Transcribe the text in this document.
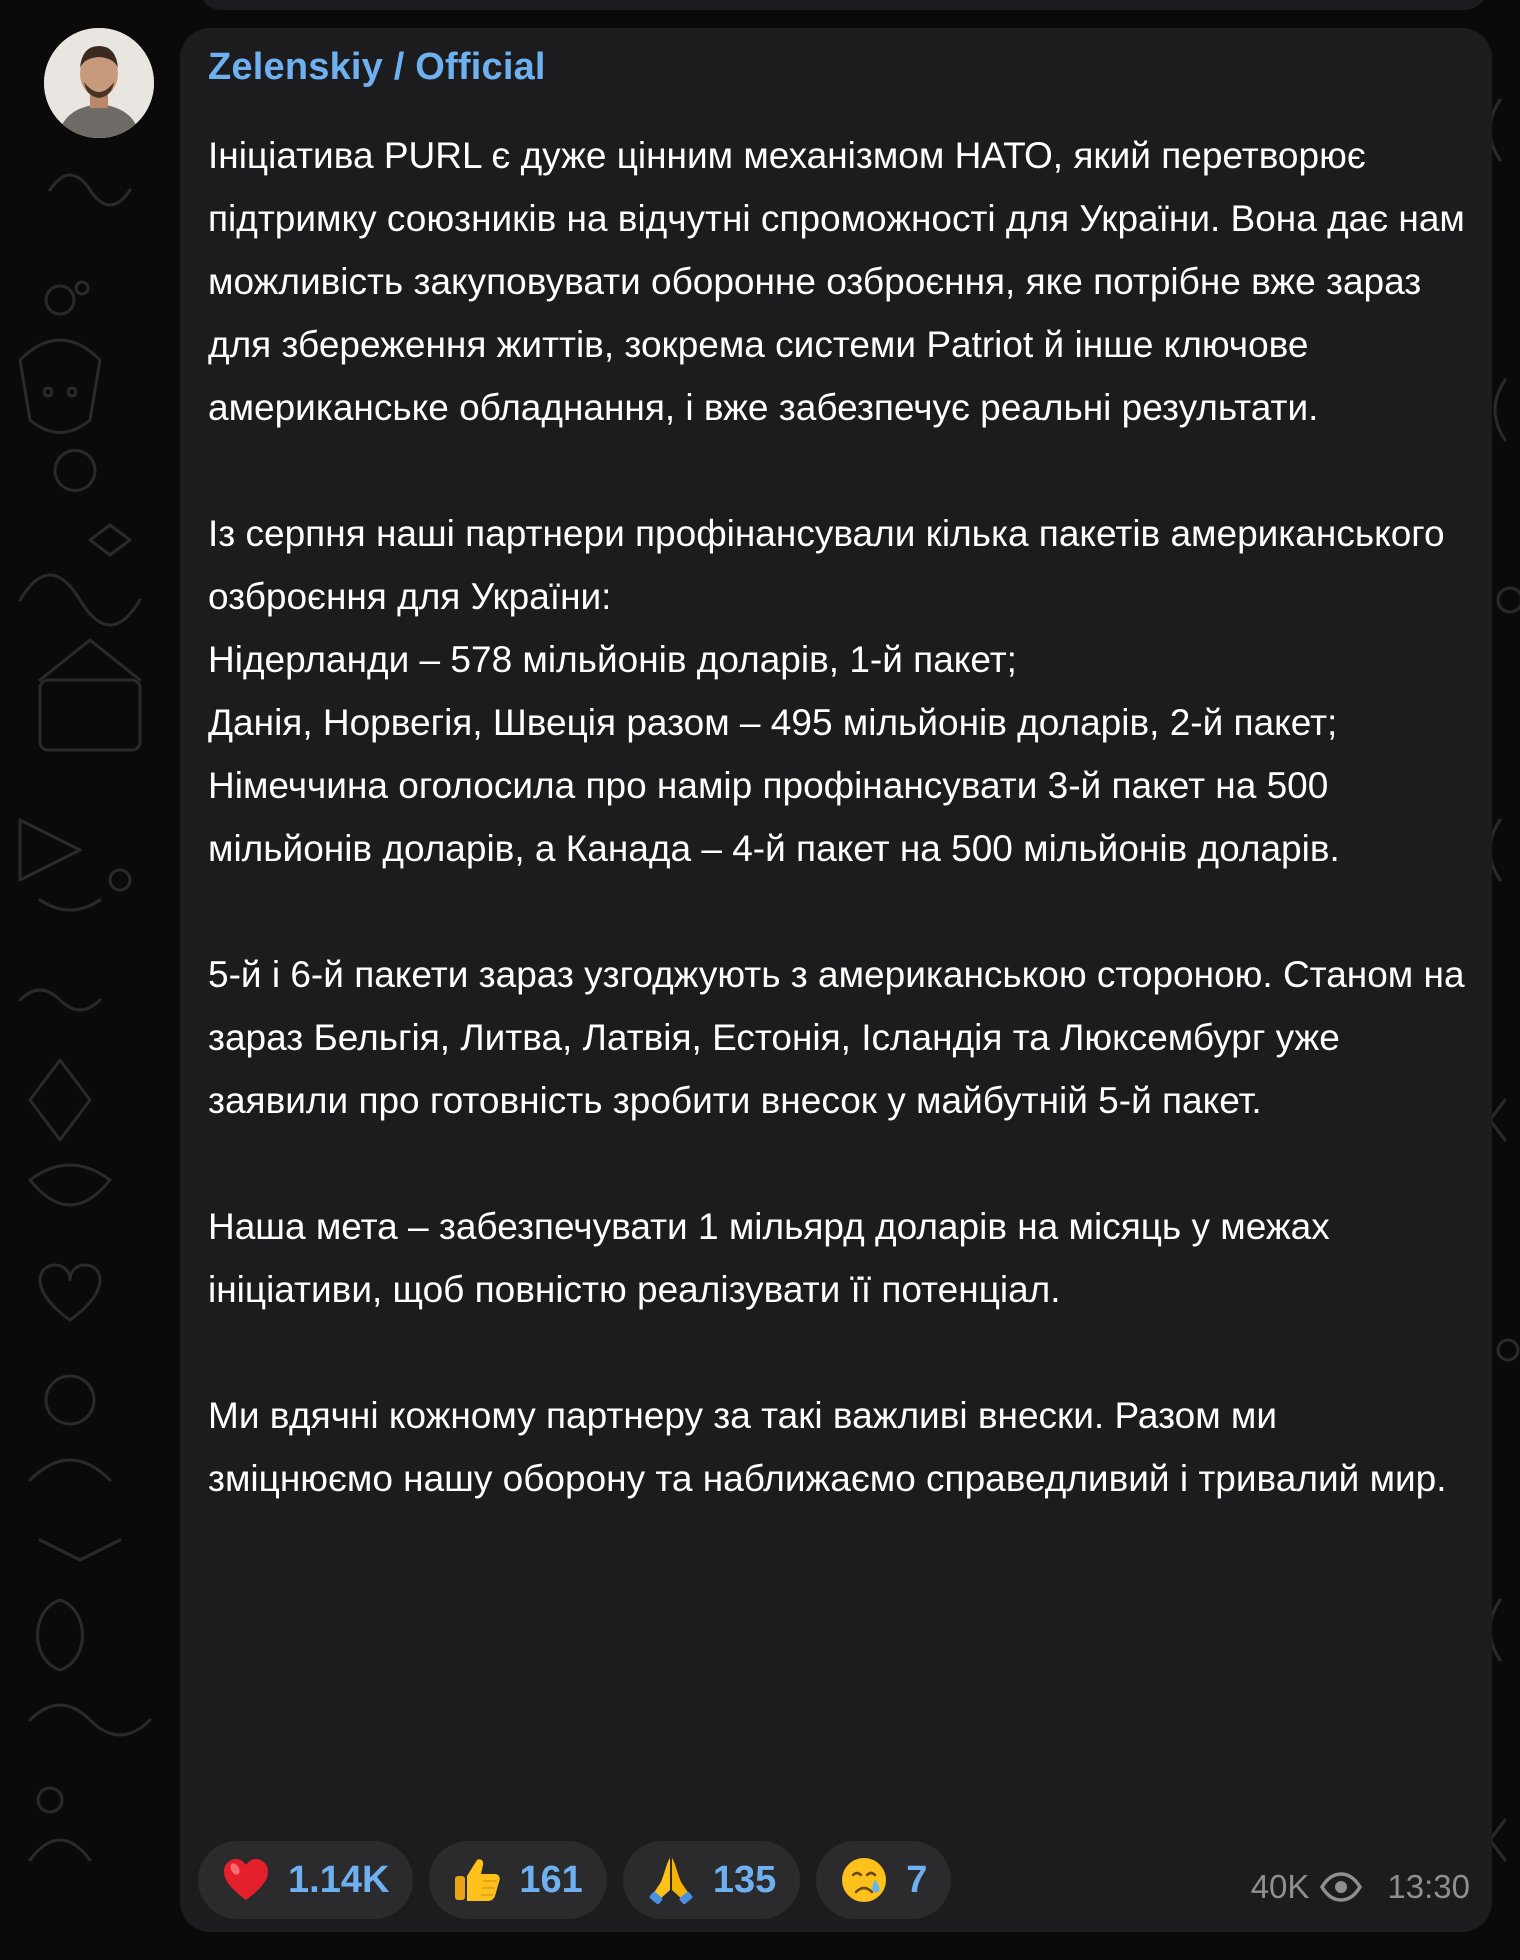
Zelenskiy / Official

Ініціатива PURL є дуже цінним механізмом НАТО, який перетворює підтримку союзників на відчутні спроможності для України. Вона дає нам можливість закуповувати оборонне озброєння, яке потрібне вже зараз для збереження життів, зокрема системи Patriot й інше ключове американське обладнання, і вже забезпечує реальні результати.

Із серпня наші партнери профінансували кілька пакетів американського озброєння для України:
Нідерланди – 578 мільйонів доларів, 1-й пакет;
Данія, Норвегія, Швеція разом – 495 мільйонів доларів, 2-й пакет;
Німеччина оголосила про намір профінансувати 3-й пакет на 500 мільйонів доларів, а Канада – 4-й пакет на 500 мільйонів доларів.

5-й і 6-й пакети зараз узгоджують з американською стороною. Станом на зараз Бельгія, Литва, Латвія, Естонія, Ісландія та Люксембург уже заявили про готовність зробити внесок у майбутній 5-й пакет.

Наша мета – забезпечувати 1 мільярд доларів на місяць у межах ініціативи, щоб повністю реалізувати її потенціал.

Ми вдячні кожному партнеру за такі важливі внески. Разом ми зміцнюємо нашу оборону та наближаємо справедливий і тривалий мир.

1.14K	161	135	7	40K 13:30
